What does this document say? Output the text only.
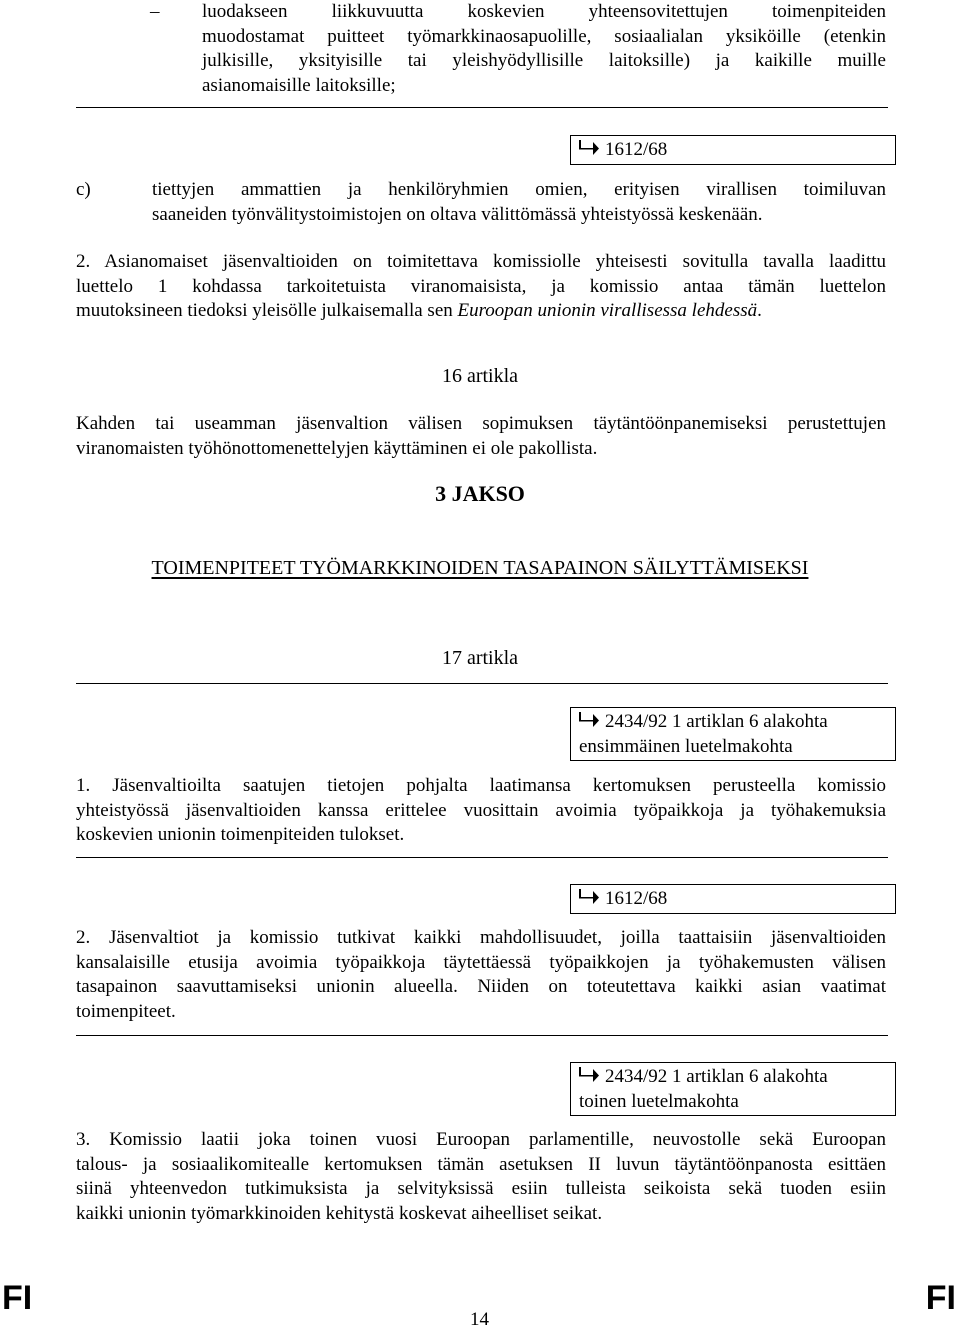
– luodakseen liikkuvuutta koskevien yhteensovitettujen toimenpiteiden
muodostamat puitteet työmarkkinaosapuolille, sosiaalialan yksiköille (etenkin
julkisille, yksityisille tai yleishyödyllisille laitoksille) ja kaikille muille
asianomaisille laitoksille;
1612/68
c)	tiettyjen ammattien ja henkilöryhmien omien, erityisen virallisen toimiluvan
saaneiden työnvälitystoimistojen on oltava välittömässä yhteistyössä keskenään.
2. Asianomaiset jäsenvaltioiden on toimitettava komissiolle yhteisesti sovitulla tavalla laadittu
luettelo 1 kohdassa tarkoitetuista viranomaisista, ja komissio antaa tämän luettelon
muutoksineen tiedoksi yleisölle julkaisemalla sen Euroopan unionin virallisessa lehdessä.
16 artikla
Kahden tai useamman jäsenvaltion välisen sopimuksen täytäntöönpanemiseksi perustettujen
viranomaisten työhönottomenettelyjen käyttäminen ei ole pakollista.
3 JAKSO
TOIMENPITEET TYÖMARKKINOIDEN TASAPAINON SÄILYTTÄMISEKSI
17 artikla
2434/92 1 artiklan 6 alakohta
ensimmäinen luetelmakohta
1. Jäsenvaltioilta saatujen tietojen pohjalta laatimansa kertomuksen perusteella komissio
yhteistyössä jäsenvaltioiden kanssa erittelee vuosittain avoimia työpaikkoja ja työhakemuksia
koskevien unionin toimenpiteiden tulokset.
1612/68
2. Jäsenvaltiot ja komissio tutkivat kaikki mahdollisuudet, joilla taattaisiin jäsenvaltioiden
kansalaisille etusija avoimia työpaikkoja täytettäessä työpaikkojen ja työhakemusten välisen
tasapainon saavuttamiseksi unionin alueella. Niiden on toteutettava kaikki asian vaatimat
toimenpiteet.
2434/92 1 artiklan 6 alakohta
toinen luetelmakohta
3. Komissio laatii joka toinen vuosi Euroopan parlamentille, neuvostolle sekä Euroopan
talous- ja sosiaalikomitealle kertomuksen tämän asetuksen II luvun täytäntöönpanosta esittäen
siinä yhteenvedon tutkimuksista ja selvityksissä esiin tulleista seikoista sekä tuoden esiin
kaikki unionin työmarkkinoiden kehitystä koskevat aiheelliset seikat.
FI
14
FI
